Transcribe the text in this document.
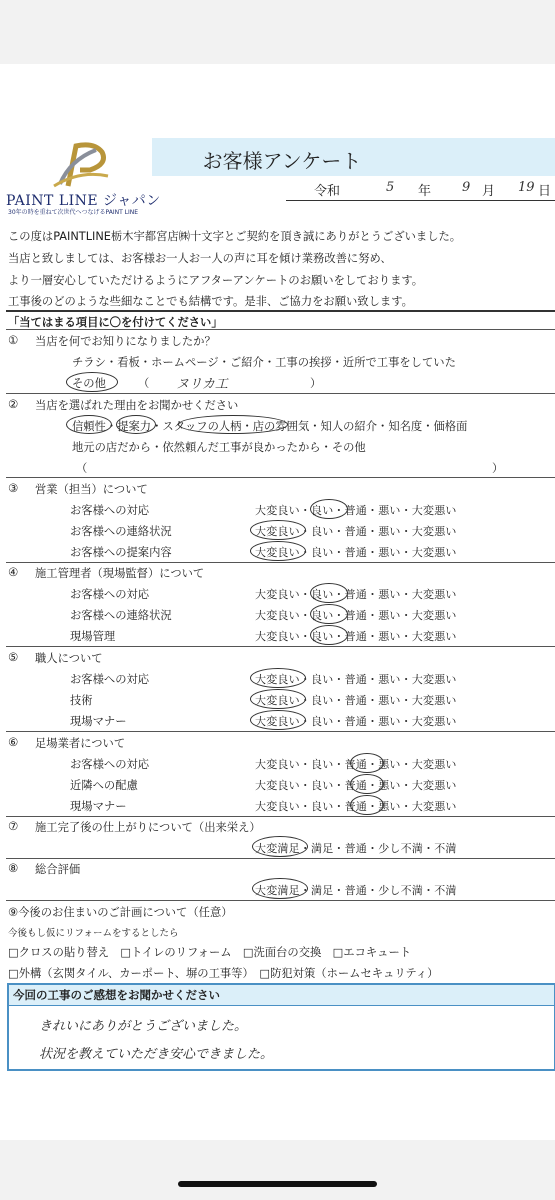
PAINT LINE ジャパン
30年の時を重ねて次世代へつなげるPAINT LINE
お客様アンケート
令和	5 年 9 月 19 日
この度はPAINTLINE栃木宇都宮店㈱十文字とご契約を頂き誠にありがとうございました。
当店と致しましては、お客様お一人お一人の声に耳を傾け業務改善に努め、
より一層安心していただけるようにアフターアンケートのお願いをしております。
工事後のどのような些細なことでも結構です。是非、ご協力をお願い致します。
「当てはまる項目に〇を付けてください」
① 当店を何でお知りになりましたか？
チラシ・看板・ホームページ・ご紹介・工事の挨拶・近所で工事をしていた
その他	（ ヌリカ工	）
② 当店を選ばれた理由をお聞かせください
信頼性・提案力・スタッフの人柄・店の雰囲気・知人の紹介・知名度・価格面
地元の店だから・依然頼んだ工事が良かったから・その他
（	）
③ 営業（担当）について
お客様への対応	大変良い・良い・普通・悪い・大変悪い
お客様への連絡状況	大変良い・良い・普通・悪い・大変悪い
お客様への提案内容	大変良い・良い・普通・悪い・大変悪い
④ 施工管理者（現場監督）について
お客様への対応	大変良い・良い・普通・悪い・大変悪い
お客様への連絡状況	大変良い・良い・普通・悪い・大変悪い
現場管理	大変良い・良い・普通・悪い・大変悪い
⑤ 職人について
お客様への対応	大変良い・良い・普通・悪い・大変悪い
技術	大変良い・良い・普通・悪い・大変悪い
現場マナー	大変良い・良い・普通・悪い・大変悪い
⑥ 足場業者について
お客様への対応	大変良い・良い・普通・悪い・大変悪い
近隣への配慮	大変良い・良い・普通・悪い・大変悪い
現場マナー	大変良い・良い・普通・悪い・大変悪い
⑦ 施工完了後の仕上がりについて（出来栄え）
大変満足・満足・普通・少し不満・不満
⑧ 総合評価
大変満足・満足・普通・少し不満・不満
⑨今後のお住まいのご計画について（任意）
今後もし仮にリフォームをするとしたら
□クロスの貼り替え　□トイレのリフォーム　□洗面台の交換　□エコキュート
□外構（玄関タイル、カーポート、塀の工事等）　□防犯対策（ホームセキュリティ）
今回の工事のご感想をお聞かせください
きれいにありがとうございました。
状況を教えていただき安心できました。
